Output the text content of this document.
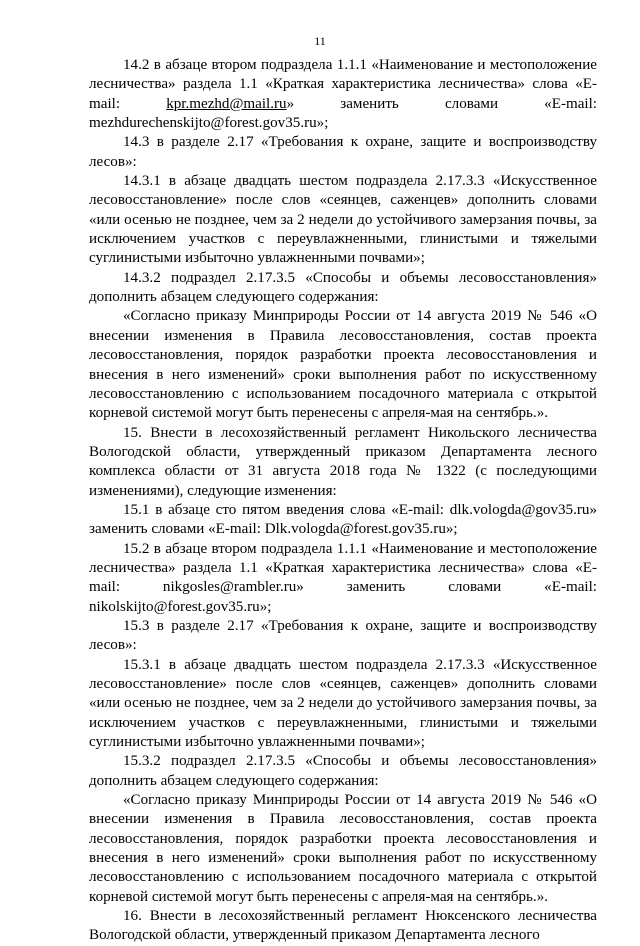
11

14.2 в абзаце втором подраздела 1.1.1 «Наименование и местоположение лесничества» раздела 1.1 «Краткая характеристика лесничества» слова «E-mail: kpr.mezhd@mail.ru» заменить словами «E-mail: mezhdurechenskijto@forest.gov35.ru»;

14.3 в разделе 2.17 «Требования к охране, защите и воспроизводству лесов»:

14.3.1 в абзаце двадцать шестом подраздела 2.17.3.3 «Искусственное лесовосстановление» после слов «сеянцев, саженцев» дополнить словами «или осенью не позднее, чем за 2 недели до устойчивого замерзания почвы, за исключением участков с переувлажненными, глинистыми и тяжелыми суглинистыми избыточно увлажненными почвами»;

14.3.2 подраздел 2.17.3.5 «Способы и объемы лесовосстановления» дополнить абзацем следующего содержания:

«Согласно приказу Минприроды России от 14 августа 2019 № 546 «О внесении изменения в Правила лесовосстановления, состав проекта лесовосстановления, порядок разработки проекта лесовосстановления и внесения в него изменений» сроки выполнения работ по искусственному лесовосстановлению с использованием посадочного материала с открытой корневой системой могут быть перенесены с апреля-мая на сентябрь.».

15. Внести в лесохозяйственный регламент Никольского лесничества Вологодской области, утвержденный приказом Департамента лесного комплекса области от 31 августа 2018 года № 1322 (с последующими изменениями), следующие изменения:

15.1 в абзаце сто пятом введения слова «E-mail: dlk.vologda@gov35.ru» заменить словами «E-mail: Dlk.vologda@forest.gov35.ru»;

15.2 в абзаце втором подраздела 1.1.1 «Наименование и местоположение лесничества» раздела 1.1 «Краткая характеристика лесничества» слова «E-mail: nikgosles@rambler.ru» заменить словами «E-mail: nikolskijto@forest.gov35.ru»;

15.3 в разделе 2.17 «Требования к охране, защите и воспроизводству лесов»:

15.3.1 в абзаце двадцать шестом подраздела 2.17.3.3 «Искусственное лесовосстановление» после слов «сеянцев, саженцев» дополнить словами «или осенью не позднее, чем за 2 недели до устойчивого замерзания почвы, за исключением участков с переувлажненными, глинистыми и тяжелыми суглинистыми избыточно увлажненными почвами»;

15.3.2 подраздел 2.17.3.5 «Способы и объемы лесовосстановления» дополнить абзацем следующего содержания:

«Согласно приказу Минприроды России от 14 августа 2019 № 546 «О внесении изменения в Правила лесовосстановления, состав проекта лесовосстановления, порядок разработки проекта лесовосстановления и внесения в него изменений» сроки выполнения работ по искусственному лесовосстановлению с использованием посадочного материала с открытой корневой системой могут быть перенесены с апреля-мая на сентябрь.».

16. Внести в лесохозяйственный регламент Нюксенского лесничества Вологодской области, утвержденный приказом Департамента лесного
